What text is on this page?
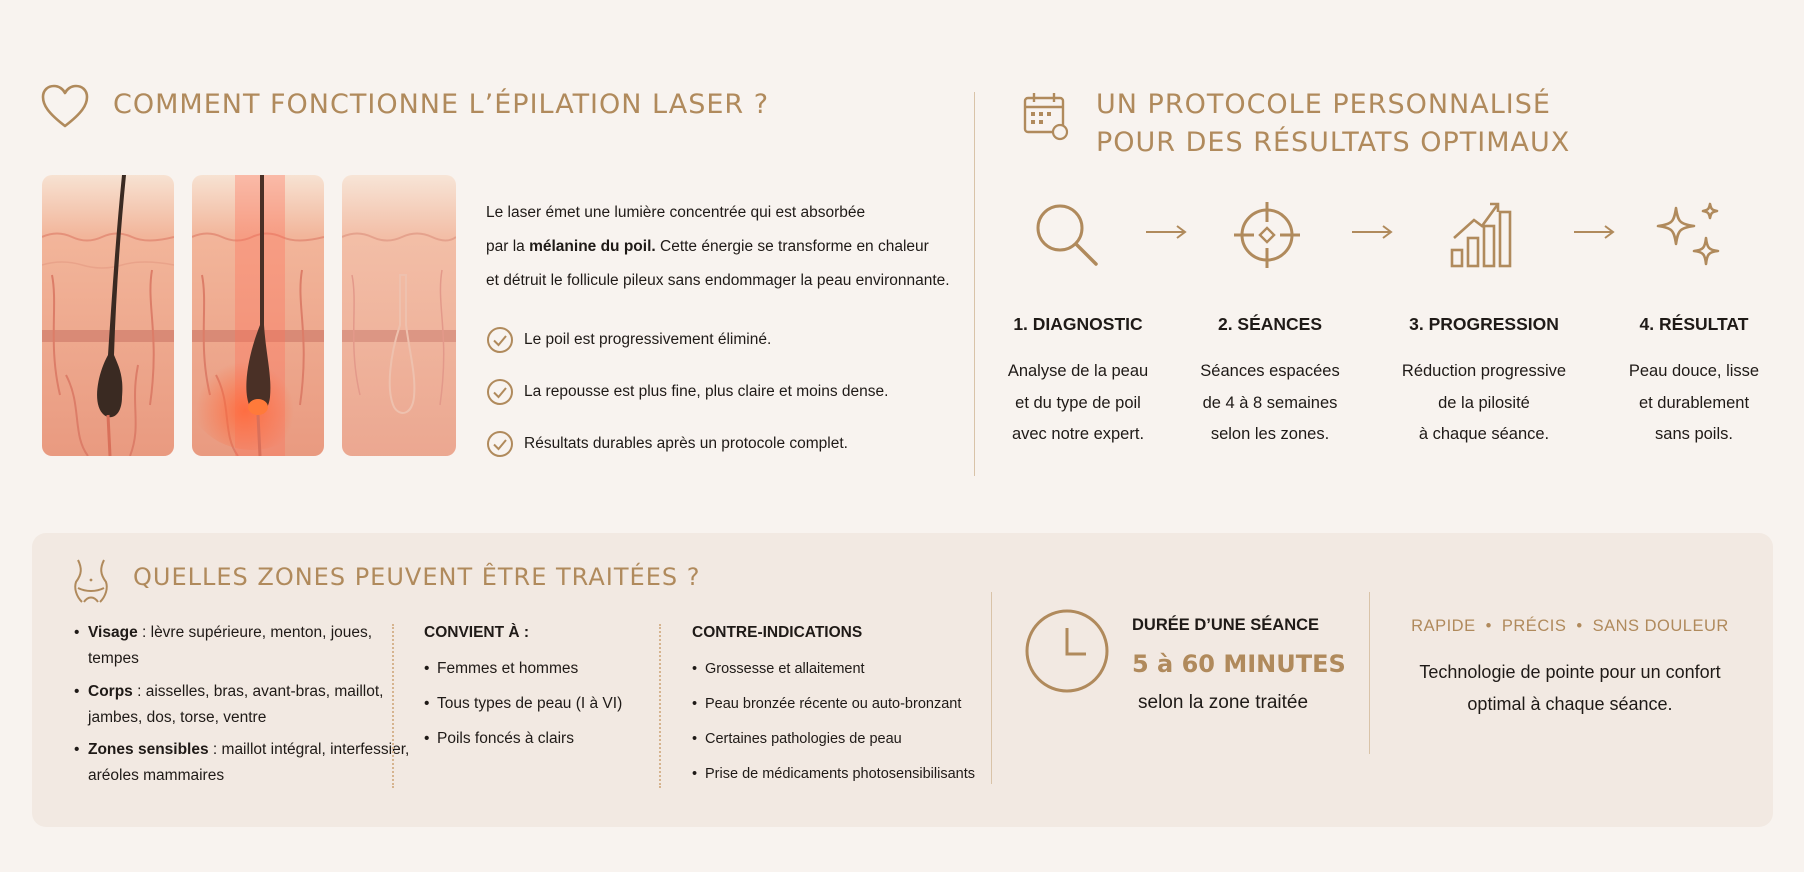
COMMENT FONCTIONNE L’ÉPILATION LASER ?
Le laser émet une lumière concentrée qui est absorbée
par la mélanine du poil. Cette énergie se transforme en chaleur
et détruit le follicule pileux sans endommager la peau environnante.
Le poil est progressivement éliminé.
La repousse est plus fine, plus claire et moins dense.
Résultats durables après un protocole complet.
UN PROTOCOLE PERSONNALISÉ
POUR DES RÉSULTATS OPTIMAUX
1. DIAGNOSTIC
Analyse de la peau
et du type de poil
avec notre expert.
2. SÉANCES
Séances espacées
de 4 à 8 semaines
selon les zones.
3. PROGRESSION
Réduction progressive
de la pilosité
à chaque séance.
4. RÉSULTAT
Peau douce, lisse
et durablement
sans poils.
QUELLES ZONES PEUVENT ÊTRE TRAITÉES ?
• Visage : lèvre supérieure, menton, joues, tempes
• Corps : aisselles, bras, avant-bras, maillot, jambes, dos, torse, ventre
• Zones sensibles : maillot intégral, interfessier, aréoles mammaires
CONVIENT À :
• Femmes et hommes
• Tous types de peau (I à VI)
• Poils foncés à clairs
CONTRE-INDICATIONS
• Grossesse et allaitement
• Peau bronzée récente ou auto-bronzant
• Certaines pathologies de peau
• Prise de médicaments photosensibilisants
DURÉE D’UNE SÉANCE
5 à 60 MINUTES
selon la zone traitée
RAPIDE • PRÉCIS • SANS DOULEUR
Technologie de pointe pour un confort
optimal à chaque séance.
